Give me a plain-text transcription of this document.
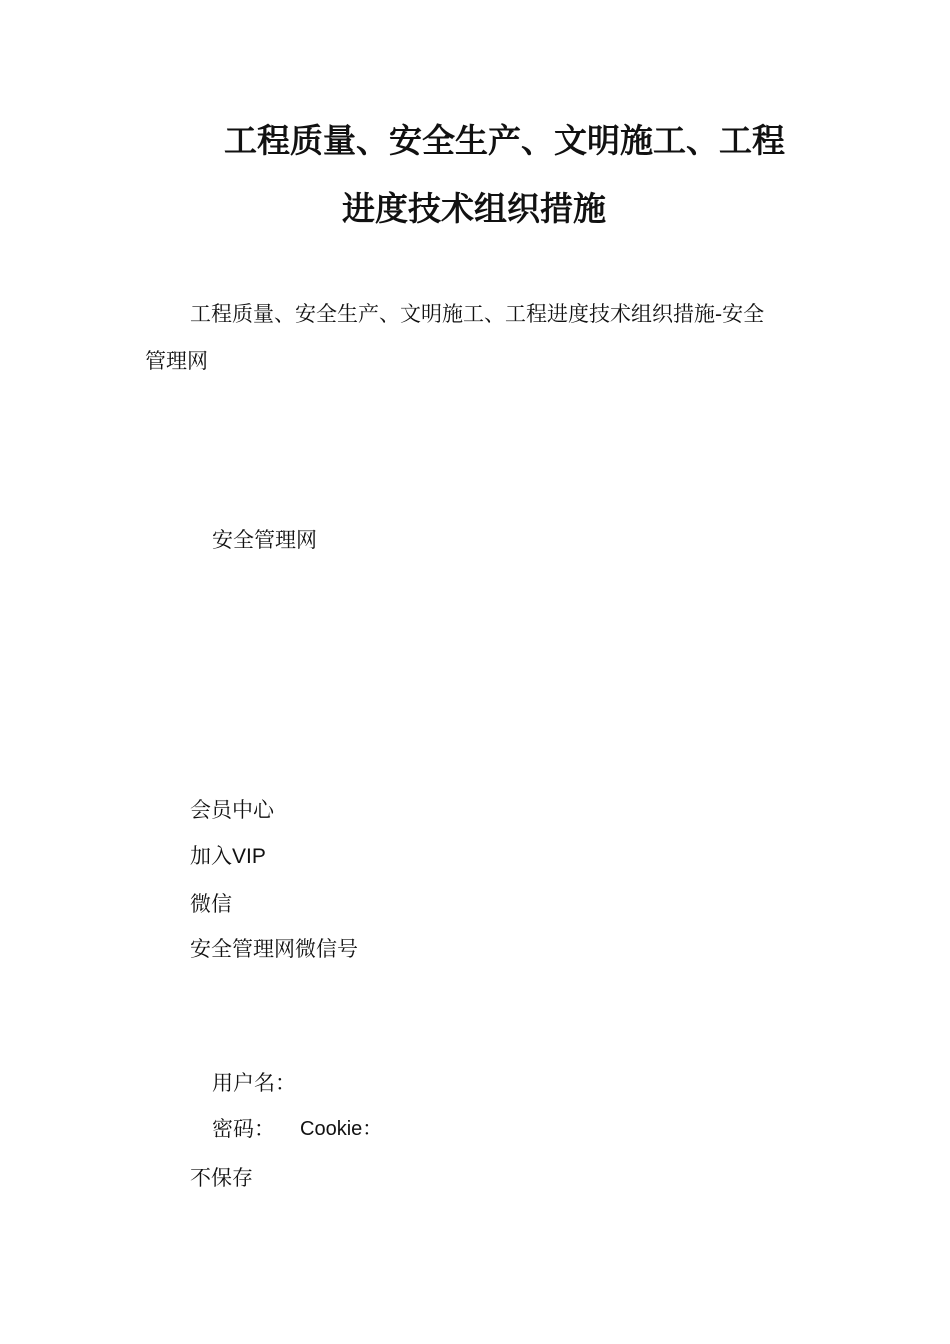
工程质量、安全生产、文明施工、工程
进度技术组织措施
工程质量、安全生产、文明施工、工程进度技术组织措施-安全
管理网
安全管理网
会员中心
加入VIP
微信
安全管理网微信号
用户名：
密码： Cookie：
不保存
